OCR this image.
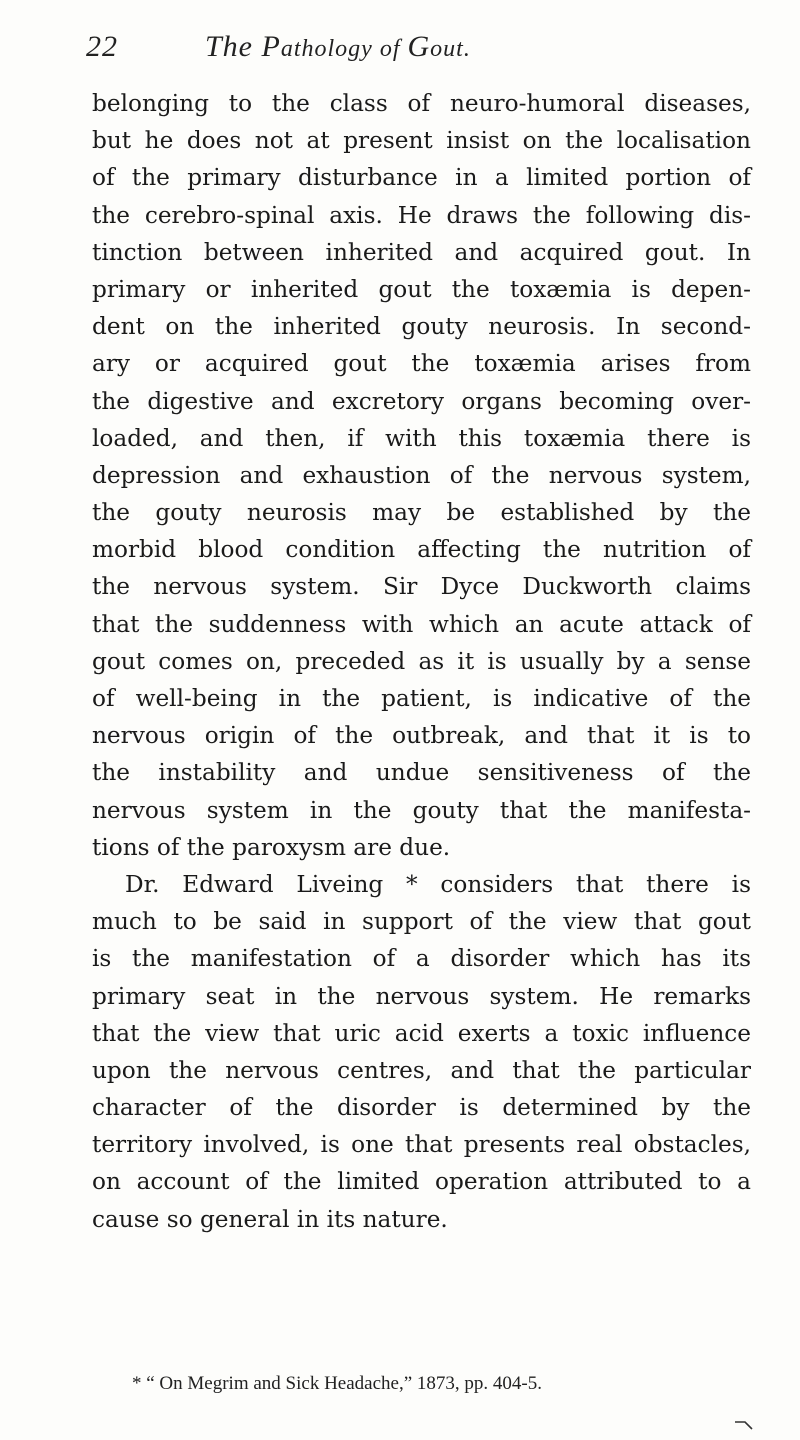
22	The Pathology of Gout.
belonging to the class of neuro-humoral diseases,
but he does not at present insist on the localisation
of the primary disturbance in a limited portion of
the cerebro-spinal axis. He draws the following dis-
tinction between inherited and acquired gout. In
primary or inherited gout the toxæmia is depen-
dent on the inherited gouty neurosis. In second-
ary or acquired gout the toxæmia arises from
the digestive and excretory organs becoming over-
loaded, and then, if with this toxæmia there is
depression and exhaustion of the nervous system,
the gouty neurosis may be established by the
morbid blood condition affecting the nutrition of
the nervous system. Sir Dyce Duckworth claims
that the suddenness with which an acute attack of
gout comes on, preceded as it is usually by a sense
of well-being in the patient, is indicative of the
nervous origin of the outbreak, and that it is to
the instability and undue sensitiveness of the
nervous system in the gouty that the manifesta-
tions of the paroxysm are due.
Dr. Edward Liveing * considers that there is
much to be said in support of the view that gout
is the manifestation of a disorder which has its
primary seat in the nervous system. He remarks
that the view that uric acid exerts a toxic influence
upon the nervous centres, and that the particular
character of the disorder is determined by the
territory involved, is one that presents real obstacles,
on account of the limited operation attributed to a
cause so general in its nature.
* “ On Megrim and Sick Headache,” 1873, pp. 404-5.
